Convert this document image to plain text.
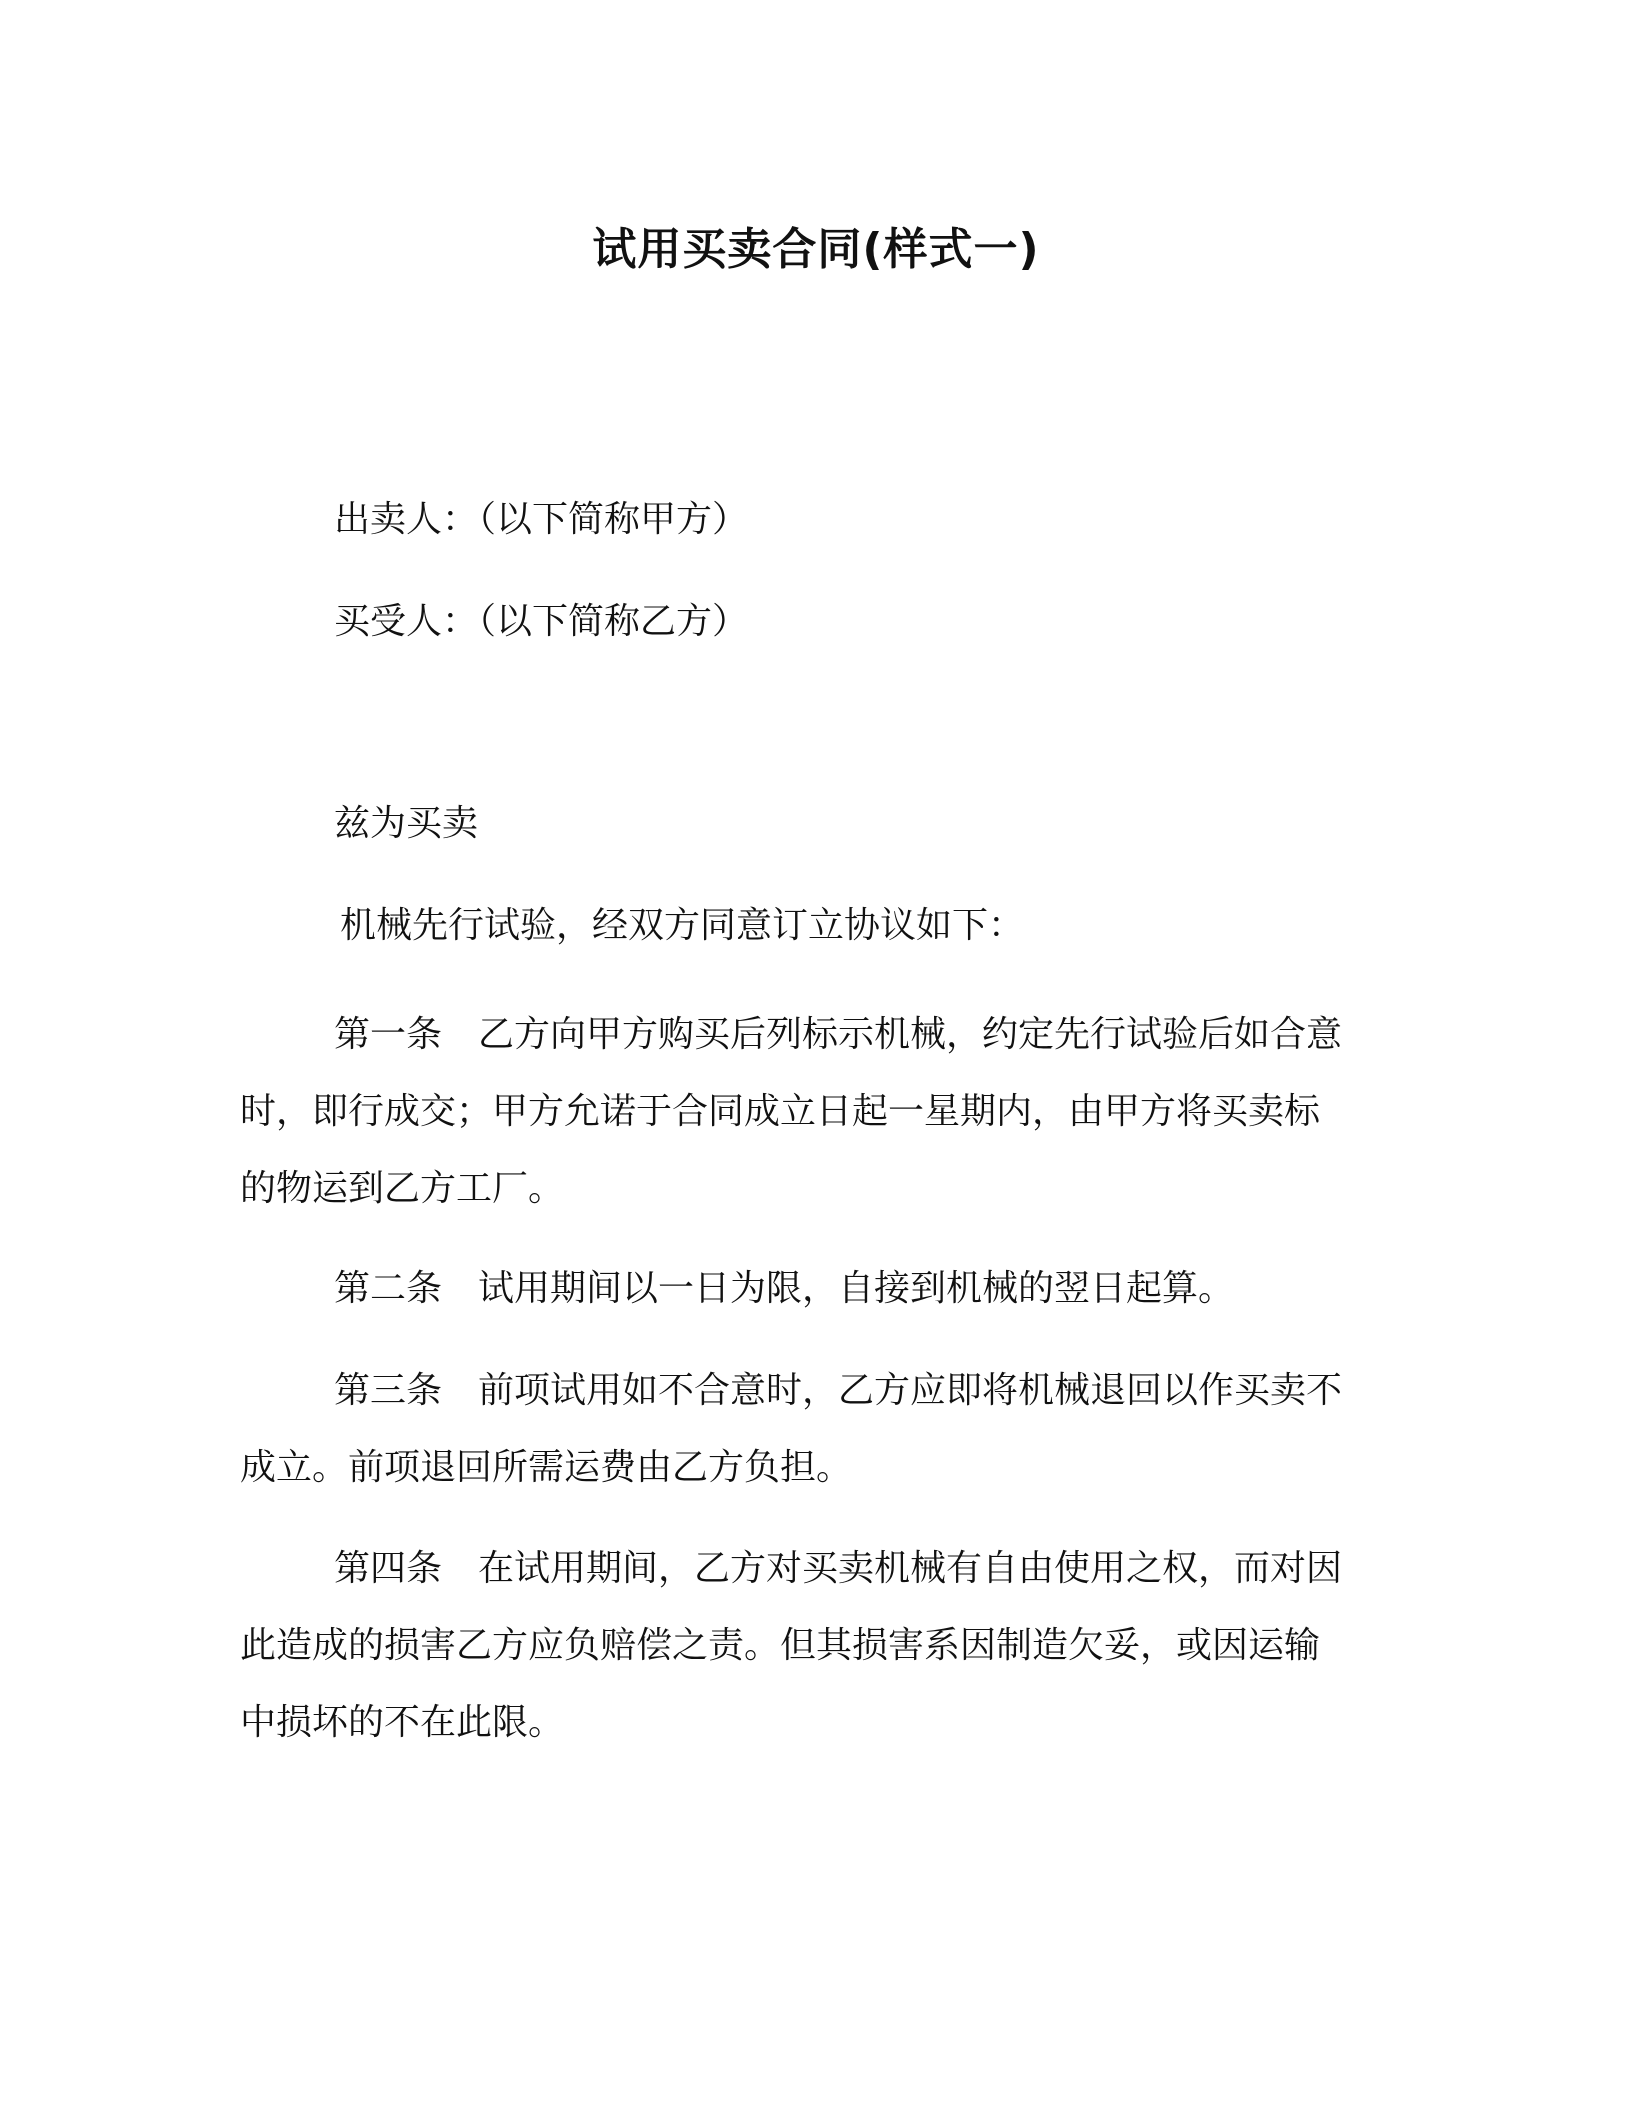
试用买卖合同(样式一)
出卖人：（以下简称甲方）
买受人：（以下简称乙方）
兹为买卖
机械先行试验，经双方同意订立协议如下：
第一条　乙方向甲方购买后列标示机械，约定先行试验后如合意
时，即行成交；甲方允诺于合同成立日起一星期内，由甲方将买卖标
的物运到乙方工厂。
第二条　试用期间以一日为限，自接到机械的翌日起算。
第三条　前项试用如不合意时，乙方应即将机械退回以作买卖不
成立。前项退回所需运费由乙方负担。
第四条　在试用期间，乙方对买卖机械有自由使用之权，而对因
此造成的损害乙方应负赔偿之责。但其损害系因制造欠妥，或因运输
中损坏的不在此限。
